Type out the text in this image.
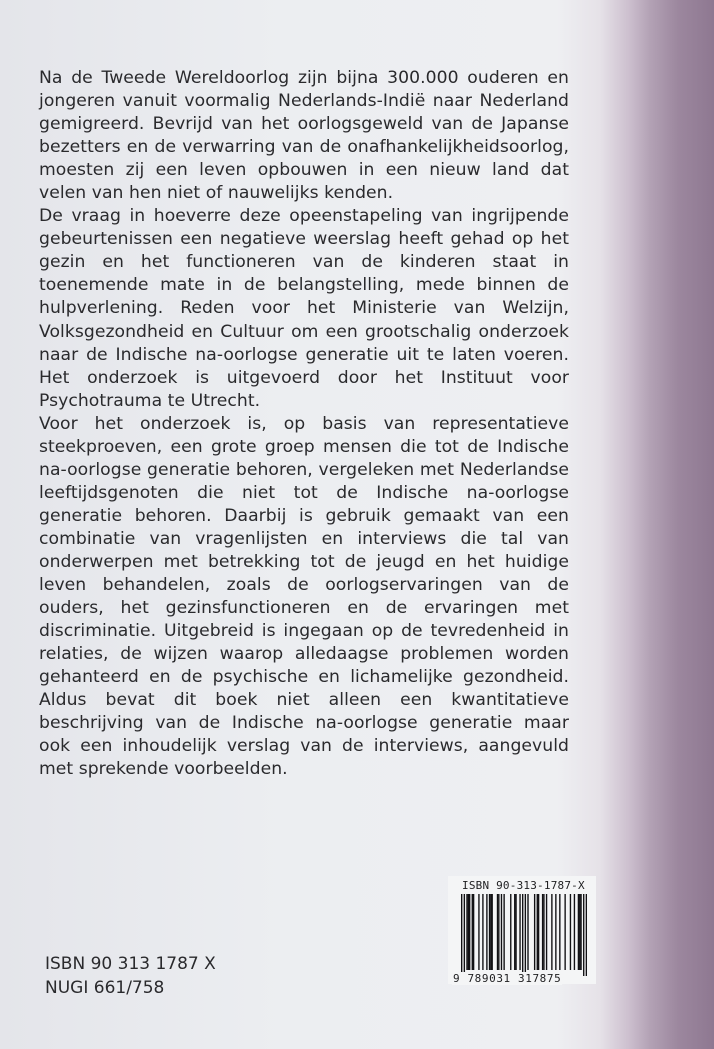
Na de Tweede Wereldoorlog zijn bijna 300.000 ouderen en jongeren vanuit voormalig Nederlands-Indië naar Nederland gemigreerd. Bevrijd van het oorlogsgeweld van de Japanse bezetters en de verwarring van de onafhankelijkheidsoorlog, moesten zij een leven opbouwen in een nieuw land dat velen van hen niet of nauwelijks kenden.

De vraag in hoeverre deze opeenstapeling van ingrijpende gebeurtenissen een negatieve weerslag heeft gehad op het gezin en het functioneren van de kinderen staat in toenemende mate in de belangstelling, mede binnen de hulpverlening. Reden voor het Ministerie van Welzijn, Volksgezondheid en Cultuur om een grootschalig onderzoek naar de Indische na-oorlogse generatie uit te laten voeren. Het onderzoek is uitgevoerd door het Instituut voor Psychotrauma te Utrecht.

Voor het onderzoek is, op basis van representatieve steekproeven, een grote groep mensen die tot de Indische na-oorlogse generatie behoren, vergeleken met Nederlandse leeftijdsgenoten die niet tot de Indische na-oorlogse generatie behoren. Daarbij is gebruik gemaakt van een combinatie van vragenlijsten en interviews die tal van onderwerpen met betrekking tot de jeugd en het huidige leven behandelen, zoals de oorlogservaringen van de ouders, het gezinsfunctioneren en de ervaringen met discriminatie. Uitgebreid is ingegaan op de tevredenheid in relaties, de wijzen waarop alledaagse problemen worden gehanteerd en de psychische en lichamelijke gezondheid. Aldus bevat dit boek niet alleen een kwantitatieve beschrijving van de Indische na-oorlogse generatie maar ook een inhoudelijk verslag van de interviews, aangevuld met sprekende voorbeelden.

ISBN 90 313 1787 X
NUGI 661/758
ISBN 90-313-1787-X
9 789031 317875
